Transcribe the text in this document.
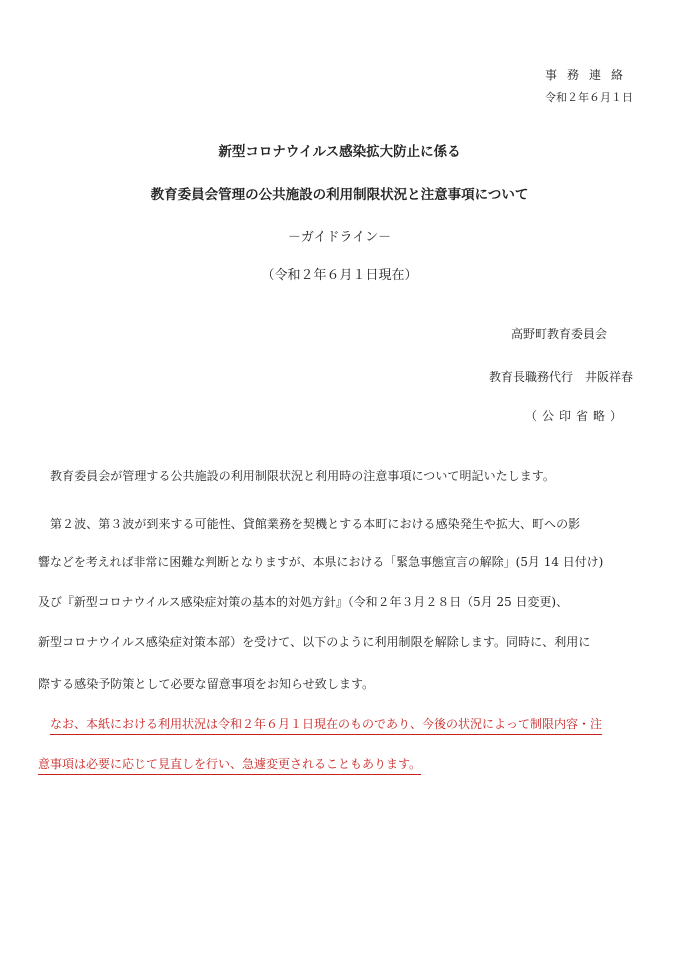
事務連絡
令和２年６月１日
新型コロナウイルス感染拡大防止に係る
教育委員会管理の公共施設の利用制限状況と注意事項について
－ガイドライン－
（令和２年６月１日現在）
高野町教育委員会
教育長職務代行　井阪祥春
（公印省略）
教育委員会が管理する公共施設の利用制限状況と利用時の注意事項について明記いたします。
第２波、第３波が到来する可能性、貸館業務を契機とする本町における感染発生や拡大、町への影
響などを考えれば非常に困難な判断となりますが、本県における「緊急事態宣言の解除」(5月 14 日付け)
及び『新型コロナウイルス感染症対策の基本的対処方針』（令和２年３月２８日（5月 25 日変更)、
新型コロナウイルス感染症対策本部）を受けて、以下のように利用制限を解除します。同時に、利用に
際する感染予防策として必要な留意事項をお知らせ致します。
なお、本紙における利用状況は令和２年６月１日現在のものであり、今後の状況によって制限内容・注
意事項は必要に応じて見直しを行い、急遽変更されることもあります。
